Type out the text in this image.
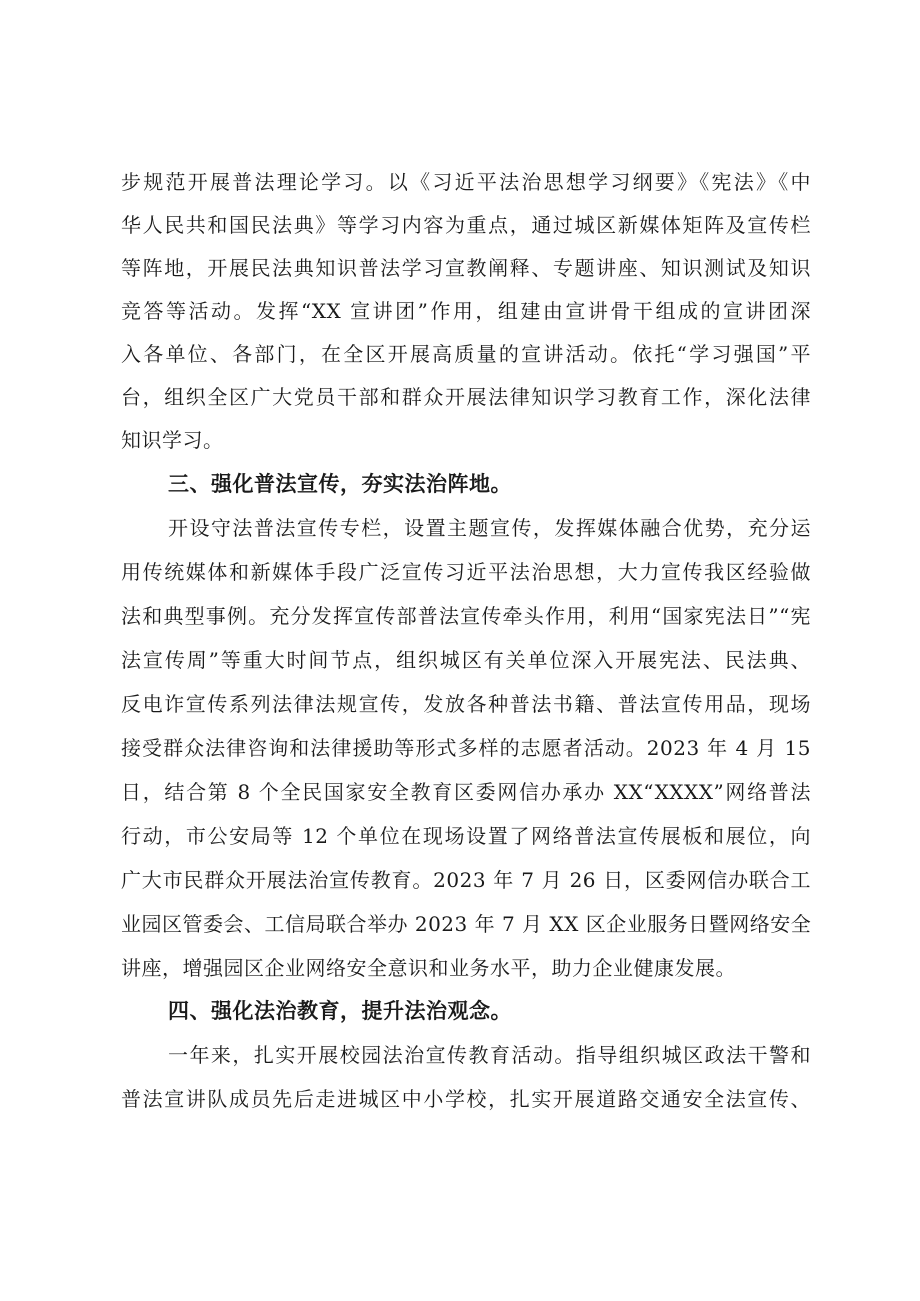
步规范开展普法理论学习。以《习近平法治思想学习纲要》《宪法》《中
华人民共和国民法典》等学习内容为重点，通过城区新媒体矩阵及宣传栏
等阵地，开展民法典知识普法学习宣教阐释、专题讲座、知识测试及知识
竞答等活动。发挥“XX 宣讲团”作用，组建由宣讲骨干组成的宣讲团深
入各单位、各部门，在全区开展高质量的宣讲活动。依托“学习强国”平
台，组织全区广大党员干部和群众开展法律知识学习教育工作，深化法律
知识学习。
三、强化普法宣传，夯实法治阵地。
开设守法普法宣传专栏，设置主题宣传，发挥媒体融合优势，充分运
用传统媒体和新媒体手段广泛宣传习近平法治思想，大力宣传我区经验做
法和典型事例。充分发挥宣传部普法宣传牵头作用，利用“国家宪法日”“宪
法宣传周”等重大时间节点，组织城区有关单位深入开展宪法、民法典、
反电诈宣传系列法律法规宣传，发放各种普法书籍、普法宣传用品，现场
接受群众法律咨询和法律援助等形式多样的志愿者活动。2023 年 4 月 15
日，结合第 8 个全民国家安全教育区委网信办承办 XX“XXXX”网络普法
行动，市公安局等 12 个单位在现场设置了网络普法宣传展板和展位，向
广大市民群众开展法治宣传教育。2023 年 7 月 26 日，区委网信办联合工
业园区管委会、工信局联合举办 2023 年 7 月 XX 区企业服务日暨网络安全
讲座，增强园区企业网络安全意识和业务水平，助力企业健康发展。
四、强化法治教育，提升法治观念。
一年来，扎实开展校园法治宣传教育活动。指导组织城区政法干警和
普法宣讲队成员先后走进城区中小学校，扎实开展道路交通安全法宣传、
